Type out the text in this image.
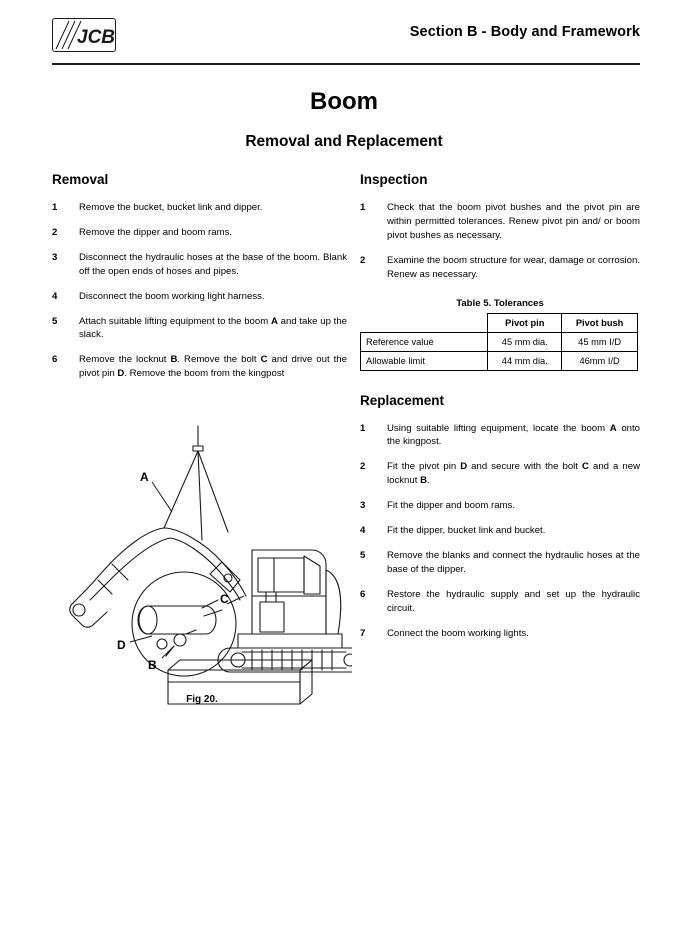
JCB	Section B - Body and Framework
Boom
Removal and Replacement
Removal
1 Remove the bucket, bucket link and dipper.
2 Remove the dipper and boom rams.
3 Disconnect the hydraulic hoses at the base of the boom. Blank off the open ends of hoses and pipes.
4 Disconnect the boom working light harness.
5 Attach suitable lifting equipment to the boom A and take up the slack.
6 Remove the locknut B. Remove the bolt C and drive out the pivot pin D. Remove the boom from the kingpost
A
C
D
B
Fig 20.
Inspection
1 Check that the boom pivot bushes and the pivot pin are within permitted tolerances. Renew pivot pin and/ or boom pivot bushes as necessary.
2 Examine the boom structure for wear, damage or corrosion. Renew as necessary.
Table 5. Tolerances
	Pivot pin	Pivot bush
Reference value	45 mm dia.	45 mm I/D
Allowable limit	44 mm dia.	46mm I/D
Replacement
1 Using suitable lifting equipment, locate the boom A onto the kingpost.
2 Fit the pivot pin D and secure with the bolt C and a new locknut B.
3 Fit the dipper and boom rams.
4 Fit the dipper, bucket link and bucket.
5 Remove the blanks and connect the hydraulic hoses at the base of the dipper.
6 Restore the hydraulic supply and set up the hydraulic circuit.
7 Connect the boom working lights.
